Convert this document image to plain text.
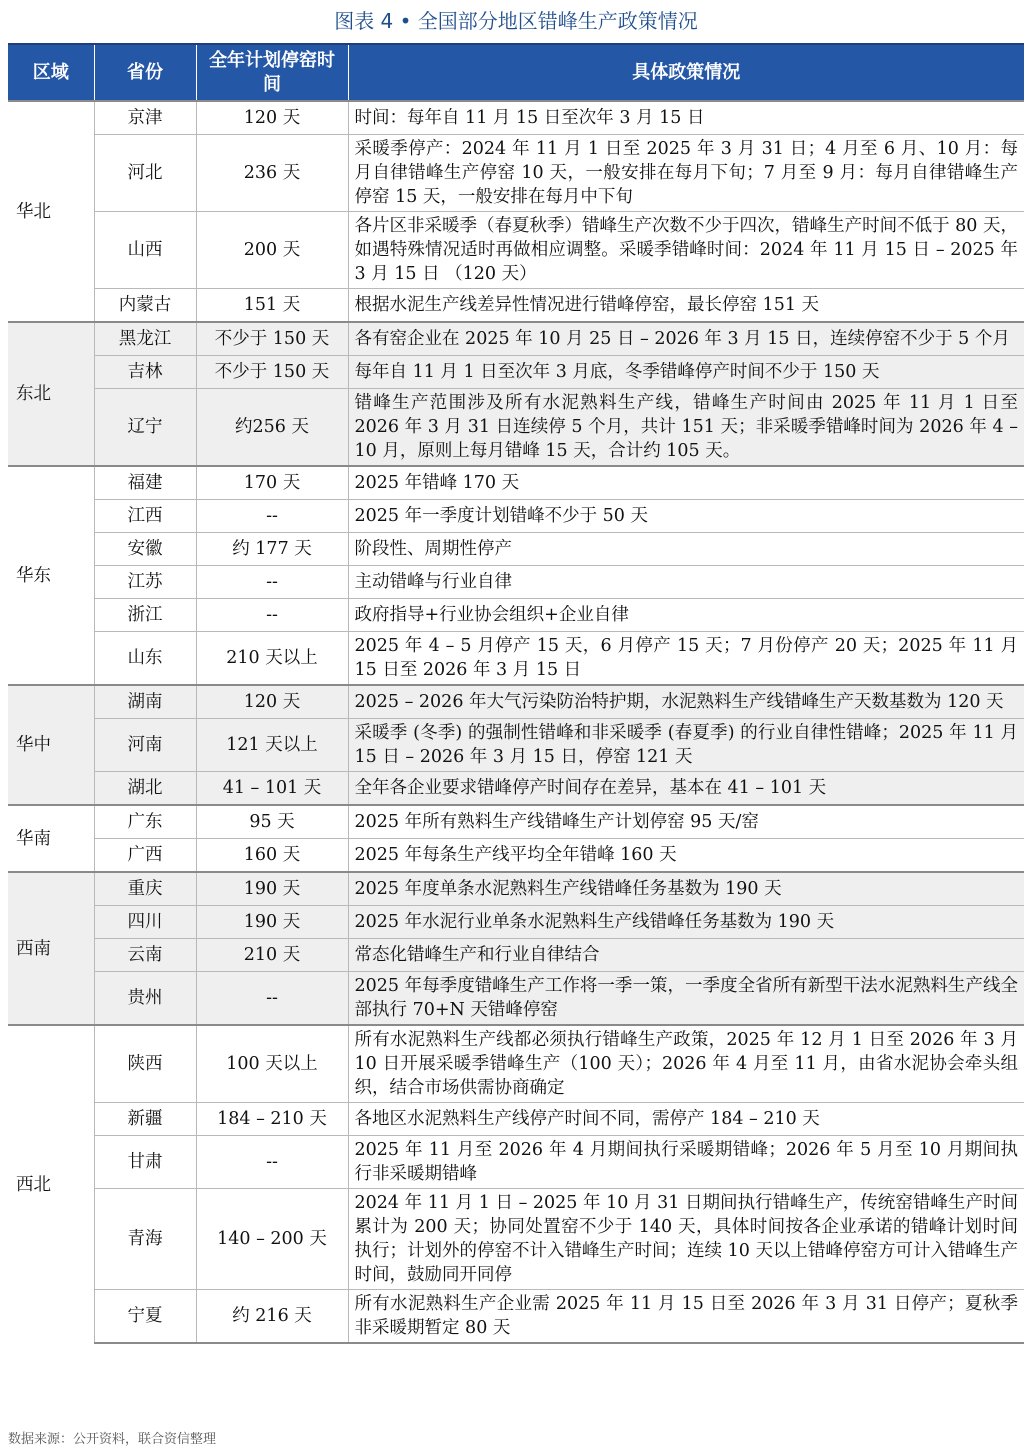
图表 4 • 全国部分地区错峰生产政策情况
区域	省份	全年计划停窑时间	具体政策情况
华北	京津	120 天	时间：每年自 11 月 15 日至次年 3 月 15 日
	河北	236 天	采暖季停产：2024 年 11 月 1 日至 2025 年 3 月 31 日；4 月至 6 月、10 月：每月自律错峰生产停窑 10 天，一般安排在每月下旬；7 月至 9 月：每月自律错峰生产停窑 15 天，一般安排在每月中下旬
	山西	200 天	各片区非采暖季（春夏秋季）错峰生产次数不少于四次，错峰生产时间不低于 80 天，如遇特殊情况适时再做相应调整。采暖季错峰时间：2024 年 11 月 15 日 – 2025 年 3 月 15 日 （120 天）
	内蒙古	151 天	根据水泥生产线差异性情况进行错峰停窑，最长停窑 151 天
东北	黑龙江	不少于 150 天	各有窑企业在 2025 年 10 月 25 日 – 2026 年 3 月 15 日，连续停窑不少于 5 个月
	吉林	不少于 150 天	每年自 11 月 1 日至次年 3 月底，冬季错峰停产时间不少于 150 天
	辽宁	约256 天	错峰生产范围涉及所有水泥熟料生产线，错峰生产时间由 2025 年 11 月 1 日至 2026 年 3 月 31 日连续停 5 个月，共计 151 天；非采暖季错峰时间为 2026 年 4 – 10 月，原则上每月错峰 15 天，合计约 105 天。
华东	福建	170 天	2025 年错峰 170 天
	江西	--	2025 年一季度计划错峰不少于 50 天
	安徽	约 177 天	阶段性、周期性停产
	江苏	--	主动错峰与行业自律
	浙江	--	政府指导+行业协会组织+企业自律
	山东	210 天以上	2025 年 4 – 5 月停产 15 天，6 月停产 15 天；7 月份停产 20 天；2025 年 11 月 15 日至 2026 年 3 月 15 日
华中	湖南	120 天	2025 – 2026 年大气污染防治特护期，水泥熟料生产线错峰生产天数基数为 120 天
	河南	121 天以上	采暖季 (冬季) 的强制性错峰和非采暖季 (春夏季) 的行业自律性错峰；2025 年 11 月 15 日 – 2026 年 3 月 15 日，停窑 121 天
	湖北	41 – 101 天	全年各企业要求错峰停产时间存在差异，基本在 41 – 101 天
华南	广东	95 天	2025 年所有熟料生产线错峰生产计划停窑 95 天/窑
	广西	160 天	2025 年每条生产线平均全年错峰 160 天
西南	重庆	190 天	2025 年度单条水泥熟料生产线错峰任务基数为 190 天
	四川	190 天	2025 年水泥行业单条水泥熟料生产线错峰任务基数为 190 天
	云南	210 天	常态化错峰生产和行业自律结合
	贵州	--	2025 年每季度错峰生产工作将一季一策，一季度全省所有新型干法水泥熟料生产线全部执行 70+N 天错峰停窑
西北	陕西	100 天以上	所有水泥熟料生产线都必须执行错峰生产政策，2025 年 12 月 1 日至 2026 年 3 月 10 日开展采暖季错峰生产（100 天）；2026 年 4 月至 11 月，由省水泥协会牵头组织，结合市场供需协商确定
	新疆	184 – 210 天	各地区水泥熟料生产线停产时间不同，需停产 184 – 210 天
	甘肃	--	2025 年 11 月至 2026 年 4 月期间执行采暖期错峰；2026 年 5 月至 10 月期间执行非采暖期错峰
	青海	140 – 200 天	2024 年 11 月 1 日 – 2025 年 10 月 31 日期间执行错峰生产，传统窑错峰生产时间累计为 200 天；协同处置窑不少于 140 天，具体时间按各企业承诺的错峰计划时间执行；计划外的停窑不计入错峰生产时间；连续 10 天以上错峰停窑方可计入错峰生产时间，鼓励同开同停
	宁夏	约 216 天	所有水泥熟料生产企业需 2025 年 11 月 15 日至 2026 年 3 月 31 日停产；夏秋季非采暖期暂定 80 天
数据来源：公开资料，联合资信整理
